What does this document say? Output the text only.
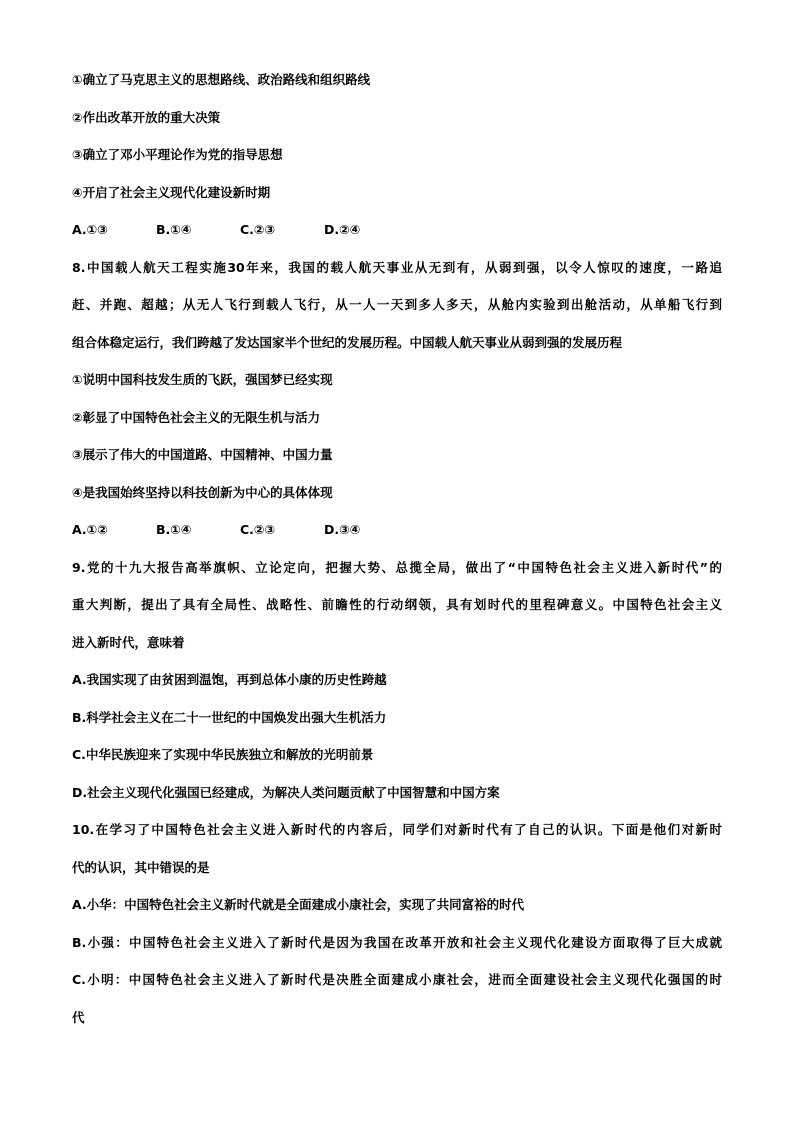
①确立了马克思主义的思想路线、政治路线和组织路线
②作出改革开放的重大决策
③确立了邓小平理论作为党的指导思想
④开启了社会主义现代化建设新时期
A.①③	B.①④	C.②③	D.②④
8.中国载人航天工程实施30年来，我国的载人航天事业从无到有，从弱到强，以令人惊叹的速度，一路追
赶、并跑、超越；从无人飞行到载人飞行，从一人一天到多人多天，从舱内实验到出舱活动，从单船飞行到
组合体稳定运行，我们跨越了发达国家半个世纪的发展历程。中国载人航天事业从弱到强的发展历程
①说明中国科技发生质的飞跃，强国梦已经实现
②彰显了中国特色社会主义的无限生机与活力
③展示了伟大的中国道路、中国精神、中国力量
④是我国始终坚持以科技创新为中心的具体体现
A.①②	B.①④	C.②③	D.③④
9.党的十九大报告高举旗帜、立论定向，把握大势、总揽全局，做出了“中国特色社会主义进入新时代”的
重大判断，提出了具有全局性、战略性、前瞻性的行动纲领，具有划时代的里程碑意义。中国特色社会主义
进入新时代，意味着
A.我国实现了由贫困到温饱，再到总体小康的历史性跨越
B.科学社会主义在二十一世纪的中国焕发出强大生机活力
C.中华民族迎来了实现中华民族独立和解放的光明前景
D.社会主义现代化强国已经建成，为解决人类问题贡献了中国智慧和中国方案
10.在学习了中国特色社会主义进入新时代的内容后，同学们对新时代有了自己的认识。下面是他们对新时
代的认识，其中错误的是
A.小华：中国特色社会主义新时代就是全面建成小康社会，实现了共同富裕的时代
B.小强：中国特色社会主义进入了新时代是因为我国在改革开放和社会主义现代化建设方面取得了巨大成就
C.小明：中国特色社会主义进入了新时代是决胜全面建成小康社会，进而全面建设社会主义现代化强国的时
代
